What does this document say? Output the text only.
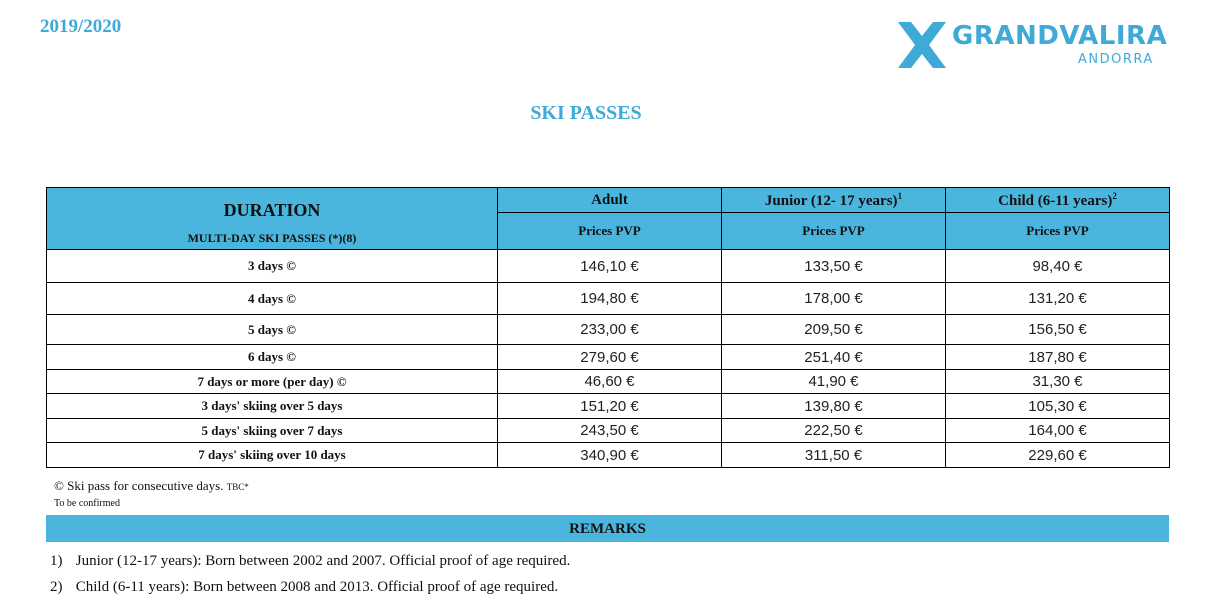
2019/2020	GRANDVALIRA
ANDORRA
SKI PASSES
DURATION
MULTI-DAY SKI PASSES (*)(8)	Adult	Junior (12- 17 years)$^1$	Child (6-11 years)$^2$
	Prices PVP	Prices PVP	Prices PVP
3 days ©	146,10 €	133,50 €	98,40 €
4 days ©	194,80 €	178,00 €	131,20 €
5 days ©	233,00 €	209,50 €	156,50 €
6 days ©	279,60 €	251,40 €	187,80 €
7 days or more (per day) ©	46,60 €	41,90 €	31,30 €
3 days' skiing over 5 days	151,20 €	139,80 €	105,30 €
5 days' skiing over 7 days	243,50 €	222,50 €	164,00 €
7 days' skiing over 10 days	340,90 €	311,50 €	229,60 €
© Ski pass for consecutive days. TBC*
To be confirmed
REMARKS
1) Junior (12-17 years): Born between 2002 and 2007. Official proof of age required.
2) Child (6-11 years): Born between 2008 and 2013. Official proof of age required.
